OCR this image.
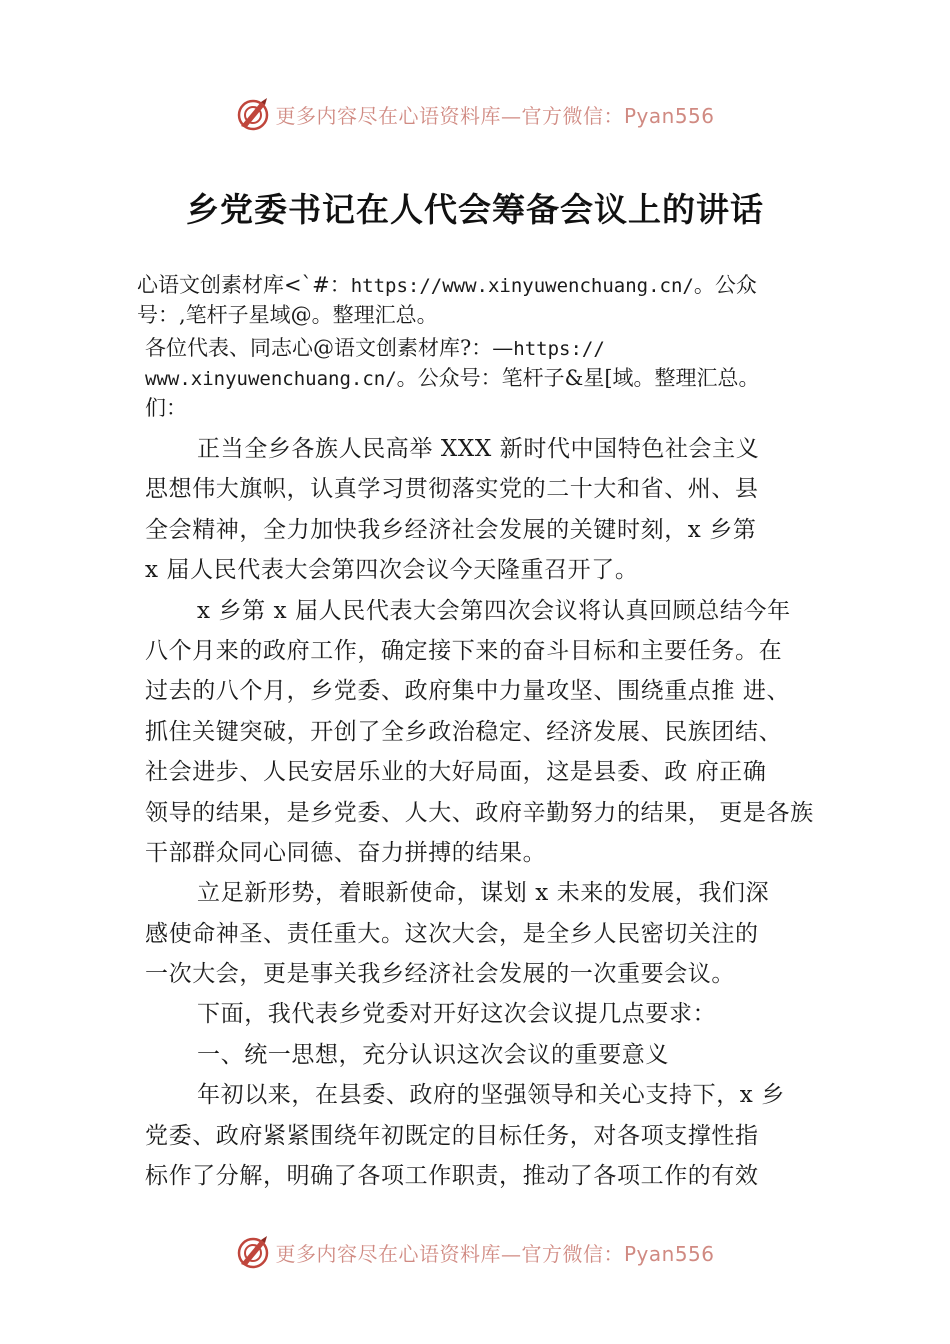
更多内容尽在心语资料库—官方微信：Pyan556
乡党委书记在人代会筹备会议上的讲话
心语文创素材库<`#：https://www.xinyuwenchuang.cn/。公众
号：,笔杆子星域@。整理汇总。
各位代表、同志心@语文创素材库?：—https://
www.xinyuwenchuang.cn/。公众号：笔杆子&星[域。整理汇总。
们：
正当全乡各族人民高举 XXX 新时代中国特色社会主义
思想伟大旗帜，认真学习贯彻落实党的二十大和省、州、县
全会精神，全力加快我乡经济社会发展的关键时刻，x 乡第
x 届人民代表大会第四次会议今天隆重召开了。
x 乡第 x 届人民代表大会第四次会议将认真回顾总结今年
八个月来的政府工作，确定接下来的奋斗目标和主要任务。在
过去的八个月，乡党委、政府集中力量攻坚、围绕重点推 进、
抓住关键突破，开创了全乡政治稳定、经济发展、民族团结、
社会进步、人民安居乐业的大好局面，这是县委、政 府正确
领导的结果，是乡党委、人大、政府辛勤努力的结果， 更是各族
干部群众同心同德、奋力拼搏的结果。
立足新形势，着眼新使命，谋划 x 未来的发展，我们深
感使命神圣、责任重大。这次大会，是全乡人民密切关注的
一次大会，更是事关我乡经济社会发展的一次重要会议。
下面，我代表乡党委对开好这次会议提几点要求：
一、统一思想，充分认识这次会议的重要意义
年初以来，在县委、政府的坚强领导和关心支持下，x 乡
党委、政府紧紧围绕年初既定的目标任务，对各项支撑性指
标作了分解，明确了各项工作职责，推动了各项工作的有效
更多内容尽在心语资料库—官方微信：Pyan556
